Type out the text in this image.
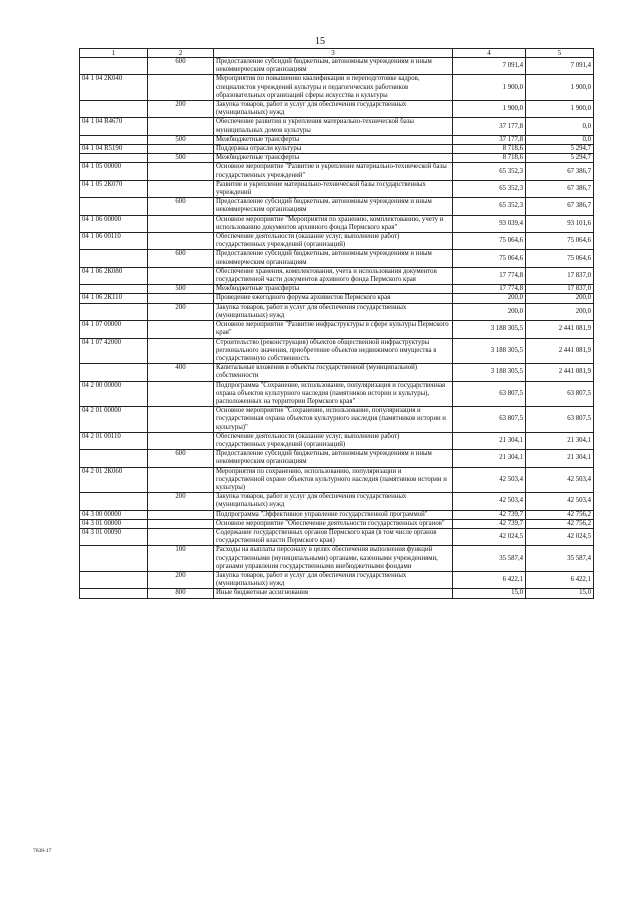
15
1	2	3	4	5
	600	Предоставление субсидий бюджетным, автономным учреждениям и иным некоммерческим организациям	7 091,4	7 091,4
04 1 04 2К040		Мероприятия по повышению квалификации и переподготовке кадров, специалистов учреждений культуры и педагогических работников образовательных организаций сферы искусства и культуры	1 900,0	1 900,0
	200	Закупка товаров, работ и услуг для обеспечения государственных (муниципальных) нужд	1 900,0	1 900,0
04 1 04 R4670		Обеспечение развития и укрепления материально-технической базы муниципальных домов культуры	37 177,8	0,0
	500	Межбюджетные трансферты	37 177,8	0,0
04 1 04 R5190		Поддержка отрасли культуры	8 718,6	5 294,7
	500	Межбюджетные трансферты	8 718,6	5 294,7
04 1 05 00000		Основное мероприятие "Развитие и укрепление материально-технической базы государственных учреждений"	65 352,3	67 386,7
04 1 05 2К070		Развитие и укрепление материально-технической базы государственных учреждений	65 352,3	67 386,7
	600	Предоставление субсидий бюджетным, автономным учреждениям и иным некоммерческим организациям	65 352,3	67 386,7
04 1 06 00000		Основное мероприятие "Мероприятия по хранению, комплектованию, учету и использованию документов архивного фонда Пермского края"	93 039,4	93 101,6
04 1 06 00110		Обеспечение деятельности (оказание услуг, выполнение работ) государственных учреждений (организаций)	75 064,6	75 064,6
	600	Предоставление субсидий бюджетным, автономным учреждениям и иным некоммерческим организациям	75 064,6	75 064,6
04 1 06 2К080		Обеспечение хранения, комплектования, учета и использования документов государственной части документов архивного фонда Пермского края	17 774,8	17 837,0
	500	Межбюджетные трансферты	17 774,8	17 837,0
04 1 06 2К110		Проведение ежегодного форума архивистов Пермского края	200,0	200,0
	200	Закупка товаров, работ и услуг для обеспечения государственных (муниципальных) нужд	200,0	200,0
04 1 07 00000		Основное мероприятие "Развитие инфраструктуры в сфере культуры Пермского края"	3 188 305,5	2 441 081,9
04 1 07 42000		Строительство (реконструкция) объектов общественной инфраструктуры регионального значения, приобретение объектов недвижимого имущества в государственную собственность	3 188 305,5	2 441 081,9
	400	Капитальные вложения в объекты государственной (муниципальной) собственности	3 188 305,5	2 441 081,9
04 2 00 00000		Подпрограмма "Сохранение, использование, популяризация и государственная охрана объектов культурного наследия (памятников истории и культуры), расположенных на территории Пермского края"	63 807,5	63 807,5
04 2 01 00000		Основное мероприятие "Сохранение, использование, популяризация и государственная охрана объектов культурного наследия (памятников истории и культуры)"	63 807,5	63 807,5
04 2 01 00110		Обеспечение деятельности (оказание услуг, выполнение работ) государственных учреждений (организаций)	21 304,1	21 304,1
	600	Предоставление субсидий бюджетным, автономным учреждениям и иным некоммерческим организациям	21 304,1	21 304,1
04 2 01 2К060		Мероприятия по сохранению, использованию, популяризации и государственной охране объектов культурного наследия (памятников истории и культуры)	42 503,4	42 503,4
	200	Закупка товаров, работ и услуг для обеспечения государственных (муниципальных) нужд	42 503,4	42 503,4
04 3 00 00000		Подпрограмма "Эффективное управление государственной программой"	42 739,7	42 756,2
04 3 01 00000		Основное мероприятие "Обеспечение деятельности государственных органов"	42 739,7	42 756,2
04 3 01 00090		Содержание государственных органов Пермского края (в том числе органов государственной власти Пермского края)	42 024,5	42 024,5
	100	Расходы на выплаты персоналу в целях обеспечения выполнения функций государственными (муниципальными) органами, казенными учреждениями, органами управления государственными внебюджетными фондами	35 587,4	35 587,4
	200	Закупка товаров, работ и услуг для обеспечения государственных (муниципальных) нужд	6 422,1	6 422,1
	800	Иные бюджетные ассигнования	15,0	15,0
7638-17
